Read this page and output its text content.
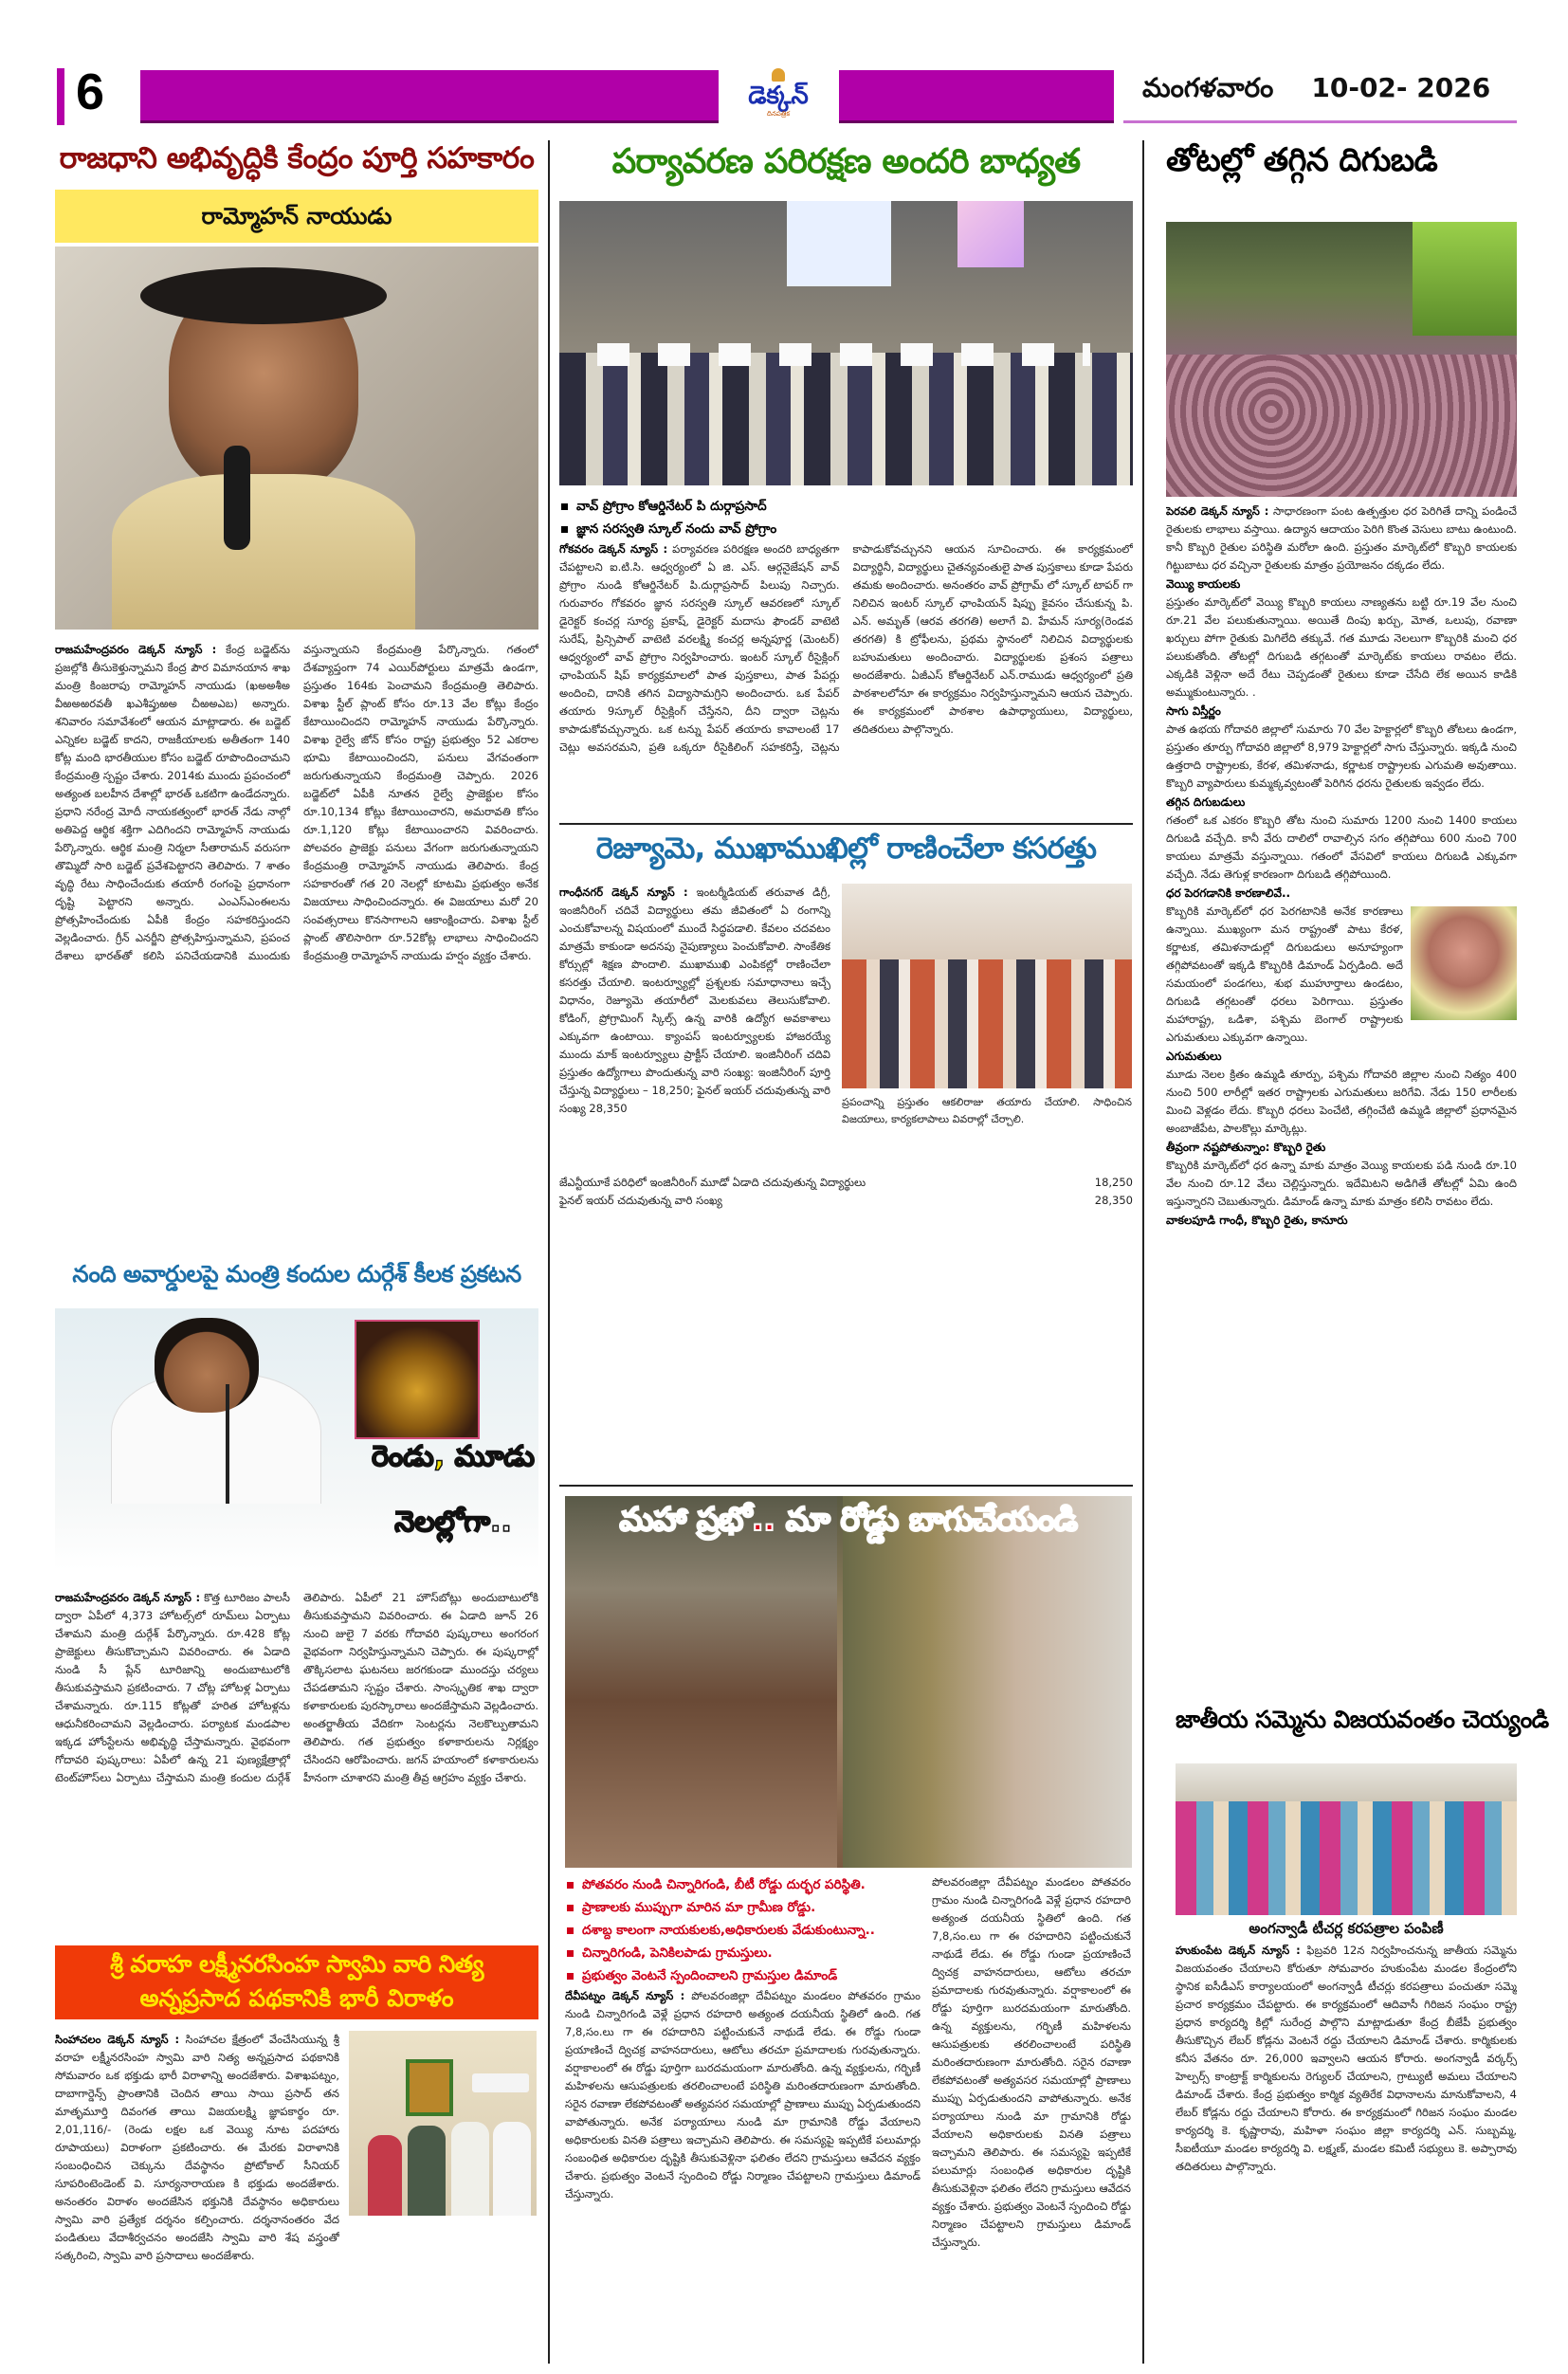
6	డెక్కన్
దినపత్రిక
మంగళవారం 10-02- 2026
రాజధాని అభివృద్ధికి కేంద్రం పూర్తి సహకారం
రామ్మోహన్ నాయుడు
రాజమహేంద్రవరం డెక్కన్ న్యూస్ : కేంద్ర బడ్జెట్‌ను ప్రజల్లోకి తీసుకెళ్తున్నామని కేంద్ర పౌర విమానయాన శాఖ మంత్రి కింజరాపు రామ్మోహన్ నాయుడు (ఖఅఅశీఅ వీఱఅఱరవతీ ఖఎశీప్తుఱఅ చీఱఅఎబ) అన్నారు. శనివారం సమావేశంలో ఆయన మాట్లాడారు. ఈ బడ్జెట్ ఎన్నికల బడ్జెట్ కాదని, రాజకీయాలకు అతీతంగా 140 కోట్ల మంది భారతీయుల కోసం బడ్జెట్ రూపొందించామని కేంద్రమంత్రి స్పష్టం చేశారు. 2014కు ముందు ప్రపంచంలో అత్యంత బలహీన దేశాల్లో భారత్ ఒకటిగా ఉండేదన్నారు. ప్రధాని నరేంద్ర మోదీ నాయకత్వంలో భారత్ నేడు నాల్గో అతిపెద్ద ఆర్థిక శక్తిగా ఎదిగిందని రామ్మోహన్ నాయుడు పేర్కొన్నారు. ఆర్థిక మంత్రి నిర్మలా సీతారామన్ వరుసగా తొమ్మిదో సారి బడ్జెట్ ప్రవేశపెట్టారని తెలిపారు. 7 శాతం వృద్ధి రేటు సాధించేందుకు తయారీ రంగంపై ప్రధానంగా దృష్టి పెట్టారని అన్నారు. ఎంఎస్ఎంఈలను ప్రోత్సహించేందుకు ఏపీకి కేంద్రం సహకరిస్తుందని వెల్లడించారు. గ్రీన్ ఎనర్జీని ప్రోత్సహిస్తున్నామని, ప్రపంచ దేశాలు భారత్‌తో కలిసి పనిచేయడానికి ముందుకు వస్తున్నాయని కేంద్రమంత్రి పేర్కొన్నారు. గతంలో దేశవ్యాప్తంగా 74 ఎయిర్‌పోర్టులు మాత్రమే ఉండగా, ప్రస్తుతం 164కు పెంచామని కేంద్రమంత్రి తెలిపారు. విశాఖ స్టీల్ ప్లాంట్ కోసం రూ.13 వేల కోట్లు కేంద్రం కేటాయించిందని రామ్మోహన్ నాయుడు పేర్కొన్నారు. విశాఖ రైల్వే జోన్ కోసం రాష్ట్ర ప్రభుత్వం 52 ఎకరాల భూమి కేటాయించిందని, పనులు వేగవంతంగా జరుగుతున్నాయని కేంద్రమంత్రి చెప్పారు. 2026 బడ్జెట్‌లో ఏపీకి నూతన రైల్వే ప్రాజెక్టుల కోసం రూ.10,134 కోట్లు కేటాయించారని, అమరావతి కోసం రూ.1,120 కోట్లు కేటాయించారని వివరించారు. పోలవరం ప్రాజెక్టు పనులు వేగంగా జరుగుతున్నాయని కేంద్రమంత్రి రామ్మోహన్ నాయుడు తెలిపారు. కేంద్ర సహకారంతో గత 20 నెలల్లో కూటమి ప్రభుత్వం అనేక విజయాలు సాధించిందన్నారు. ఈ విజయాలు మరో 20 సంవత్సరాలు కొనసాగాలని ఆకాంక్షించారు. విశాఖ స్టీల్ ప్లాంట్ తొలిసారిగా రూ.52కోట్ల లాభాలు సాధించిందని కేంద్రమంత్రి రామ్మోహన్ నాయుడు హర్షం వ్యక్తం చేశారు.
నంది అవార్డులపై మంత్రి కందుల దుర్గేశ్ కీలక ప్రకటన
రెండు, మూడు
నెలల్లోగా..
రాజమహేంద్రవరం డెక్కన్ న్యూస్ : కొత్త టూరిజం పాలసీ ద్వారా ఏపీలో 4,373 హోటల్స్‌లో రూమ్‌లు ఏర్పాటు చేశామని మంత్రి దుర్గేశ్ పేర్కొన్నారు. రూ.428 కోట్ల ప్రాజెక్టులు తీసుకొచ్చామని వివరించారు. ఈ ఏడాది నుండి సీ ప్లేన్ టూరిజాన్ని అందుబాటులోకి తీసుకువస్తామని ప్రకటించారు. 7 చోట్ల హోటళ్ల ఏర్పాటు చేశామన్నారు. రూ.115 కోట్లతో హరిత హోటళ్లను ఆధునీకరించామని వెల్లడించారు. పర్యాటక మండపాల ఇక్కడ హోంస్టేలను అభివృద్ధి చేస్తామన్నారు. వైభవంగా గోదావరి పుష్కరాలు: ఏపీలో ఉన్న 21 పుణ్యక్షేత్రాల్లో టెంట్‌హౌస్‌లు ఏర్పాటు చేస్తామని మంత్రి కందుల దుర్గేశ్ తెలిపారు. ఏపీలో 21 హౌస్‌బోట్లు అందుబాటులోకి తీసుకువస్తామని వివరించారు. ఈ ఏడాది జూన్ 26 నుంచి జులై 7 వరకు గోదావరి పుష్కరాలు అంగరంగ వైభవంగా నిర్వహిస్తున్నామని చెప్పారు. ఈ పుష్కరాల్లో తొక్కిసలాట ఘటనలు జరగకుండా ముందస్తు చర్యలు చేపడతామని స్పష్టం చేశారు. సాంస్కృతిక శాఖ ద్వారా కళాకారులకు పురస్కారాలు అందజేస్తామని వెల్లడించారు. అంతర్జాతీయ వేదికగా సెంటర్లను నెలకొల్పుతామని తెలిపారు. గత ప్రభుత్వం కళాకారులను నిర్లక్ష్యం చేసిందని ఆరోపించారు. జగన్ హయాంలో కళాకారులను హీనంగా చూశారని మంత్రి తీవ్ర ఆగ్రహం వ్యక్తం చేశారు.
శ్రీ వరాహ లక్ష్మీనరసింహ స్వామి వారి నిత్య
అన్నప్రసాద పథకానికి భారీ విరాళం
సింహాచలం డెక్కన్ న్యూస్ : సింహాచల క్షేత్రంలో వేంచేసియున్న శ్రీ వరాహ లక్ష్మీనరసింహ స్వామి వారి నిత్య అన్నప్రసాద పథకానికి సోమవారం ఒక భక్తుడు భారీ విరాళాన్ని అందజేశారు. విశాఖపట్నం, దాబాగార్డెన్స్ ప్రాంతానికి చెందిన తాయి సాయి ప్రసాద్ తన మాతృమూర్తి దివంగత తాయి విజయలక్ష్మి జ్ఞాపకార్థం రూ. 2,01,116/- (రెండు లక్షల ఒక వెయ్యి నూట పదహారు రూపాయలు) విరాళంగా ప్రకటించారు. ఈ మేరకు విరాళానికి సంబంధించిన చెక్కును దేవస్థానం ప్రోటోకాల్ సీనియర్ సూపరింటెండెంట్ వి. సూర్యనారాయణ కి భక్తుడు అందజేశారు. అనంతరం విరాళం అందజేసిన భక్తునికి దేవస్థానం అధికారులు స్వామి వారి ప్రత్యేక దర్శనం కల్పించారు. దర్శనానంతరం వేద పండితులు వేదాశీర్వచనం అందజేసి స్వామి వారి శేష వస్త్రంతో సత్కరించి, స్వామి వారి ప్రసాదాలు అందజేశారు.
పర్యావరణ పరిరక్షణ అందరి బాధ్యత
వావ్ ప్రోగ్రాం కోఆర్డినేటర్ పి దుర్గాప్రసాద్
జ్ఞాన సరస్వతి స్కూల్ నందు వావ్ ప్రోగ్రాం
గోకవరం డెక్కన్ న్యూస్ : పర్యావరణ పరిరక్షణ అందరి బాధ్యతగా చేపట్టాలని ఐ.టి.సి. ఆధ్వర్యంలో ఏ జి. ఎస్. ఆర్గనైజేషన్ వావ్ ప్రోగ్రాం నుండి కోఆర్డినేటర్ పి.దుర్గాప్రసాద్ పిలుపు నిచ్చారు. గురువారం గోకవరం జ్ఞాన సరస్వతి స్కూల్ ఆవరణలో స్కూల్ డైరెక్టర్ కంచర్ల సూర్య ప్రకాష్, డైరెక్టర్ మదాసు ఫౌండర్ వాటెటి సురేష్, ప్రిన్సిపాల్ వాటెటి వరలక్ష్మి కంచర్ల అన్నపూర్ణ (మెంటర్) ఆధ్వర్యంలో వావ్ ప్రోగ్రాం నిర్వహించారు. ఇంటర్ స్కూల్ రీసైక్లింగ్ ఛాంపియన్ షిప్ కార్యక్రమాలలో పాత పుస్తకాలు, పాత పేపర్లు అందించి, దానికి తగిన విద్యాసామగ్రిని అందించారు. ఒక పేపర్ తయారు 9స్కూల్ రీసైక్లింగ్ చేస్తేనని, దీని ద్వారా చెట్లను కాపాడుకోవచ్చున్నారు. ఒక టన్ను పేపర్ తయారు కావాలంటే 17 చెట్లు అవసరమని, ప్రతి ఒక్కరూ రీసైకిలింగ్ సహకరిస్తే, చెట్లను కాపాడుకోవచ్చునని ఆయన సూచించారు. ఈ కార్యక్రమంలో విద్యార్థినీ, విద్యార్థులు చైతన్యవంతులై పాత పుస్తకాలు కూడా పేపరు తమకు అందించారు. అనంతరం వావ్ ప్రోగ్రామ్ లో స్కూల్ టాపర్ గా నిలిచిన ఇంటర్ స్కూల్ ఛాంపియన్ షిప్పు కైవసం చేసుకున్న పి. ఎన్. అమృత్ (ఆరవ తరగతి) అలాగే వి. హేమన్ సూర్య(రెండవ తరగతి) కి ట్రోఫీలను, ప్రథమ స్థానంలో నిలిచిన విద్యార్థులకు బహుమతులు అందించారు. విద్యార్థులకు ప్రశంస పత్రాలు అందజేశారు. ఏజీఎస్ కోఆర్డినేటర్ ఎన్.రాముడు ఆధ్వర్యంలో ప్రతి పాఠశాలలోనూ ఈ కార్యక్రమం నిర్వహిస్తున్నామని ఆయన చెప్పారు. ఈ కార్యక్రమంలో పాఠశాల ఉపాధ్యాయులు, విద్యార్థులు, తదితరులు పాల్గొన్నారు.
రెజ్యూమె, ముఖాముఖిల్లో రాణించేలా కసరత్తు
గాంధీనగర్ డెక్కన్ న్యూస్ : ఇంటర్మీడియట్ తరువాత డిగ్రీ, ఇంజినీరింగ్ చదివే విద్యార్థులు తమ జీవితంలో ఏ రంగాన్ని ఎంచుకోవాలన్న విషయంలో ముందే సిద్ధపడాలి. కేవలం చదవటం మాత్రమే కాకుండా అదనపు నైపుణ్యాలు పెంచుకోవాలి. సాంకేతిక కోర్సుల్లో శిక్షణ పొందాలి. ముఖాముఖి ఎంపికల్లో రాణించేలా కసరత్తు చేయాలి. ఇంటర్వ్యూల్లో ప్రశ్నలకు సమాధానాలు ఇచ్చే విధానం, రెజ్యూమె తయారీలో మెలకువలు తెలుసుకోవాలి. కోడింగ్, ప్రోగ్రామింగ్ స్కిల్స్ ఉన్న వారికి ఉద్యోగ అవకాశాలు ఎక్కువగా ఉంటాయి. క్యాంపస్ ఇంటర్వ్యూలకు హాజరయ్యే ముందు మాక్ ఇంటర్వ్యూలు ప్రాక్టీస్ చేయాలి. ఇంజినీరింగ్ చదివి ప్రస్తుతం ఉద్యోగాలు పొందుతున్న వారి సంఖ్య: ఇంజినీరింగ్ పూర్తి చేస్తున్న విద్యార్థులు – 18,250; ఫైనల్ ఇయర్ చదువుతున్న వారి సంఖ్య 28,350	ప్రపంచాన్ని ప్రస్తుతం ఆకలిరాజు తయారు చేయాలి. సాధించిన విజయాలు, కార్యకలాపాలు వివరాల్లో చేర్చాలి.
జేఎన్టీయూకే పరిధిలో ఇంజినీరింగ్ మూడో ఏడాది చదువుతున్న విద్యార్థులు	18,250
ఫైనల్ ఇయర్ చదువుతున్న వారి సంఖ్య	28,350
మహా ప్రభో.. మా రోడ్డు బాగుచేయండి
పోతవరం నుండి చిన్నారిగండి, బీటీ రోడ్డు దుర్భర పరిస్థితి.
ప్రాణాలకు ముప్పుగా మారిన మా గ్రామీణ రోడ్డు.
దశాబ్ద కాలంగా నాయకులకు,అధికారులకు వేడుకుంటున్నా..
చిన్నారిగండి, పెనికిలపాడు గ్రామస్తులు.
ప్రభుత్వం వెంటనే స్పందించాలని గ్రామస్తుల డిమాండ్
దేవీపట్నం డెక్కన్ న్యూస్ : పోలవరంజిల్లా దేవీపట్నం మండలం పోతవరం గ్రామం నుండి చిన్నారిగండి వెళ్లే ప్రధాన రహదారి అత్యంత దయనీయ స్థితిలో ఉంది. గత 7,8,సం.లు గా ఈ రహదారిని పట్టించుకునే నాథుడే లేడు. ఈ రోడ్డు గుండా ప్రయాణించే ద్విచక్ర వాహనదారులు, ఆటోలు తరచూ ప్రమాదాలకు గురవుతున్నారు. వర్షాకాలంలో ఈ రోడ్డు పూర్తిగా బురదమయంగా మారుతోంది. ఉన్న వ్యక్తులను, గర్భిణీ మహిళలను ఆసుపత్రులకు తరలించాలంటే పరిస్థితి మరింతదారుణంగా మారుతోంది. సరైన రవాణా లేకపోవటంతో అత్యవసర సమయాల్లో ప్రాణాలు ముప్పు ఏర్పడుతుందని వాపోతున్నారు. అనేక పర్యాయాలు నుండి మా గ్రామానికి రోడ్డు వేయాలని అధికారులకు వినతి పత్రాలు ఇచ్చామని తెలిపారు. ఈ సమస్యపై ఇప్పటికే పలుమార్లు సంబంధిత అధికారుల దృష్టికి తీసుకువెళ్లినా ఫలితం లేదని గ్రామస్తులు ఆవేదన వ్యక్తం చేశారు. ప్రభుత్వం వెంటనే స్పందించి రోడ్డు నిర్మాణం చేపట్టాలని గ్రామస్తులు డిమాండ్ చేస్తున్నారు.
పోలవరంజిల్లా దేవీపట్నం మండలం పోతవరం గ్రామం నుండి చిన్నారిగండి వెళ్లే ప్రధాన రహదారి అత్యంత దయనీయ స్థితిలో ఉంది. గత 7,8,సం.లు గా ఈ రహదారిని పట్టించుకునే నాథుడే లేడు. ఈ రోడ్డు గుండా ప్రయాణించే ద్విచక్ర వాహనదారులు, ఆటోలు తరచూ ప్రమాదాలకు గురవుతున్నారు. వర్షాకాలంలో ఈ రోడ్డు పూర్తిగా బురదమయంగా మారుతోంది. ఉన్న వ్యక్తులను, గర్భిణీ మహిళలను ఆసుపత్రులకు తరలించాలంటే పరిస్థితి మరింతదారుణంగా మారుతోంది. సరైన రవాణా లేకపోవటంతో అత్యవసర సమయాల్లో ప్రాణాలు ముప్పు ఏర్పడుతుందని వాపోతున్నారు. అనేక పర్యాయాలు నుండి మా గ్రామానికి రోడ్డు వేయాలని అధికారులకు వినతి పత్రాలు ఇచ్చామని తెలిపారు. ఈ సమస్యపై ఇప్పటికే పలుమార్లు సంబంధిత అధికారుల దృష్టికి తీసుకువెళ్లినా ఫలితం లేదని గ్రామస్తులు ఆవేదన వ్యక్తం చేశారు. ప్రభుత్వం వెంటనే స్పందించి రోడ్డు నిర్మాణం చేపట్టాలని గ్రామస్తులు డిమాండ్ చేస్తున్నారు.
తోటల్లో తగ్గిన దిగుబడి
పెరవలి డెక్కన్ న్యూస్ : సాధారణంగా పంట ఉత్పత్తుల ధర పెరిగితే దాన్ని పండించే రైతులకు లాభాలు వస్తాయి. ఉద్యాన ఆదాయం పెరిగి కొంత వెసులు బాటు ఉంటుంది. కానీ కొబ్బరి రైతుల పరిస్థితి మరోలా ఉంది. ప్రస్తుతం మార్కెట్‌లో కొబ్బరి కాయలకు గిట్టుబాటు ధర వచ్చినా రైతులకు మాత్రం ప్రయోజనం దక్కడం లేదు.
వెయ్యి కాయలకు
ప్రస్తుతం మార్కెట్‌లో వెయ్యి కొబ్బరి కాయలు నాణ్యతను బట్టి రూ.19 వేల నుంచి రూ.21 వేల పలుకుతున్నాయి. అయితే దింపు ఖర్చు, మోత, ఒలుపు, రవాణా ఖర్చులు పోగా రైతుకు మిగిలేది తక్కువే. గత మూడు నెలలుగా కొబ్బరికి మంచి ధర పలుకుతోంది. తోటల్లో దిగుబడి తగ్గటంతో మార్కెట్‌కు కాయలు రావటం లేదు. ఎక్కడికి వెళ్లినా అదే రేటు చెప్పడంతో రైతులు కూడా చేసేది లేక అయిన కాడికి అమ్ముకుంటున్నారు. .
సాగు విస్తీర్ణం
పాత ఉభయ గోదావరి జిల్లాలో సుమారు 70 వేల హెక్టార్లలో కొబ్బరి తోటలు ఉండగా, ప్రస్తుతం తూర్పు గోదావరి జిల్లాలో 8,979 హెక్టార్లలో సాగు చేస్తున్నారు. ఇక్కడి నుంచి ఉత్తరాది రాష్ట్రాలకు, కేరళ, తమిళనాడు, కర్ణాటక రాష్ట్రాలకు ఎగుమతి అవుతాయి. కొబ్బరి వ్యాపారులు కుమ్మక్కవ్వటంతో పెరిగిన ధరను రైతులకు ఇవ్వడం లేదు.
తగ్గిన దిగుబడులు
గతంలో ఒక ఎకరం కొబ్బరి తోట నుంచి సుమారు 1200 నుంచి 1400 కాయలు దిగుబడి వచ్చేది. కానీ వేరు దాలిలో రావాల్సిన సగం తగ్గిపోయి 600 నుంచి 700 కాయలు మాత్రమే వస్తున్నాయి. గతంలో వేసవిలో కాయలు దిగుబడి ఎక్కువగా వచ్చేది. నేడు తెగుళ్ల కారణంగా దిగుబడి తగ్గిపోయింది.
ధర పెరగడానికి కారణాలివే..
కొబ్బరికి మార్కెట్‌లో ధర పెరగటానికి అనేక కారణాలు ఉన్నాయి. ముఖ్యంగా మన రాష్ట్రంతో పాటు కేరళ, కర్ణాటక, తమిళనాడుల్లో దిగుబడులు అనూహ్యంగా తగ్గిపోవటంతో ఇక్కడి కొబ్బరికి డిమాండ్ ఏర్పడింది. అదే సమయంలో పండగలు, శుభ ముహూర్తాలు ఉండటం, దిగుబడి తగ్గటంతో ధరలు పెరిగాయి. ప్రస్తుతం మహారాష్ట్ర, ఒడిశా, పశ్చిమ బెంగాల్ రాష్ట్రాలకు ఎగుమతులు ఎక్కువగా ఉన్నాయి.
ఎగుమతులు
మూడు నెలల క్రితం ఉమ్మడి తూర్పు, పశ్చిమ గోదావరి జిల్లాల నుంచి నిత్యం 400 నుంచి 500 లారీల్లో ఇతర రాష్ట్రాలకు ఎగుమతులు జరిగేవి. నేడు 150 లారీలకు మించి వెళ్లడం లేదు. కొబ్బరి ధరలు పెంచేటి, తగ్గించేటి ఉమ్మడి జిల్లాలో ప్రధానమైన అంబాజీపేట, పాలకొల్లు మార్కెట్లు.
తీవ్రంగా నష్టపోతున్నాం: కొబ్బరి రైతు
కొబ్బరికి మార్కెట్‌లో ధర ఉన్నా మాకు మాత్రం వెయ్యి కాయలకు పడి నుండి రూ.10 వేల నుంచి రూ.12 వేలు చెల్లిస్తున్నారు. ఇదేమిటని అడిగితే తోటల్లో ఏమి ఉంది ఇస్తున్నారని చెబుతున్నారు. డిమాండ్ ఉన్నా మాకు మాత్రం కలిసి రావటం లేదు.
వాకలపూడి గాంధీ, కొబ్బరి రైతు, కానూరు
జాతీయ సమ్మెను విజయవంతం చెయ్యండి
అంగన్వాడీ టీచర్ల కరపత్రాల పంపిణీ
హుకుంపేట డెక్కన్ న్యూస్ : ఫిబ్రవరి 12న నిర్వహించనున్న జాతీయ సమ్మెను విజయవంతం చేయాలని కోరుతూ సోమవారం హుకుంపేట మండల కేంద్రంలోని స్థానిక ఐసీడీఎస్ కార్యాలయంలో అంగన్వాడీ టీచర్లు కరపత్రాలు పంచుతూ సమ్మె ప్రచార కార్యక్రమం చేపట్టారు. ఈ కార్యక్రమంలో ఆదివాసీ గిరిజన సంఘం రాష్ట్ర ప్రధాన కార్యదర్శి కిల్లో సురేంద్ర పాల్గొని మాట్లాడుతూ కేంద్ర బీజేపీ ప్రభుత్వం తీసుకొచ్చిన లేబర్ కోడ్లను వెంటనే రద్దు చేయాలని డిమాండ్ చేశారు. కార్మికులకు కనీస వేతనం రూ. 26,000 ఇవ్వాలని ఆయన కోరారు. అంగన్వాడీ వర్కర్స్ హెల్పర్స్ కాంట్రాక్ట్ కార్మికులను రెగ్యులర్ చేయాలని, గ్రాట్యుటీ అమలు చేయాలని డిమాండ్ చేశారు. కేంద్ర ప్రభుత్వం కార్మిక వ్యతిరేక విధానాలను మానుకోవాలని, 4 లేబర్ కోడ్లను రద్దు చేయాలని కోరారు. ఈ కార్యక్రమంలో గిరిజన సంఘం మండల కార్యదర్శి కె. కృష్ణారావు, మహిళా సంఘం జిల్లా కార్యదర్శి ఎన్. సుబ్బమ్మ, సీఐటీయూ మండల కార్యదర్శి వి. లక్ష్మణ్, మండల కమిటీ సభ్యులు కె. అప్పారావు తదితరులు పాల్గొన్నారు.
